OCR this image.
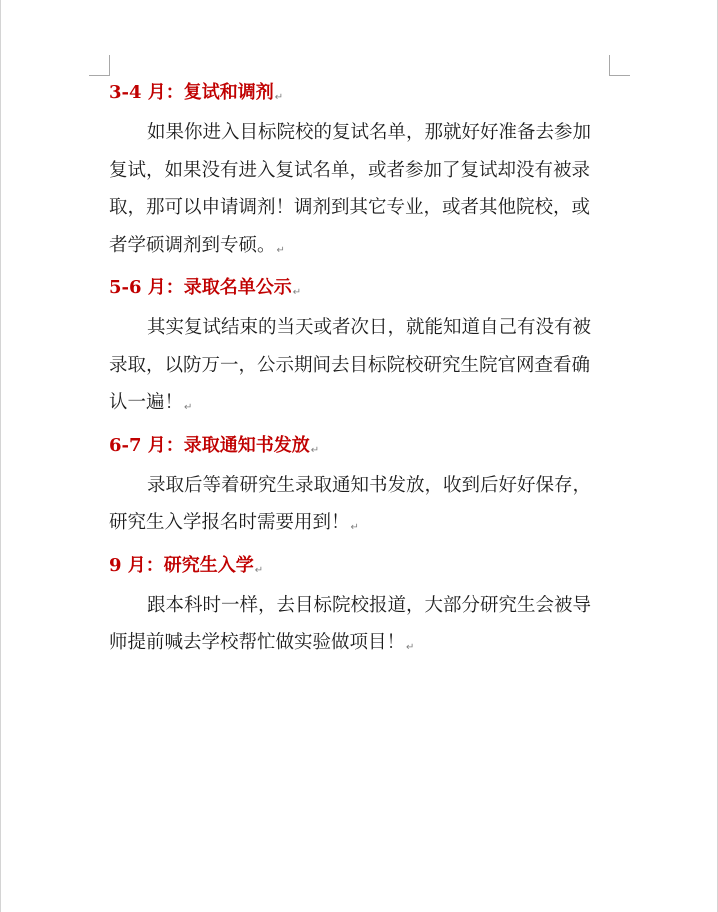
3-4 月：复试和调剂↵
如果你进入目标院校的复试名单，那就好好准备去参加
复试，如果没有进入复试名单，或者参加了复试却没有被录
取，那可以申请调剂！调剂到其它专业，或者其他院校，或
者学硕调剂到专硕。↵
5-6 月：录取名单公示↵
其实复试结束的当天或者次日，就能知道自己有没有被
录取，以防万一，公示期间去目标院校研究生院官网查看确
认一遍！↵
6-7 月：录取通知书发放↵
录取后等着研究生录取通知书发放，收到后好好保存，
研究生入学报名时需要用到！↵
9 月：研究生入学↵
跟本科时一样，去目标院校报道，大部分研究生会被导
师提前喊去学校帮忙做实验做项目！↵
